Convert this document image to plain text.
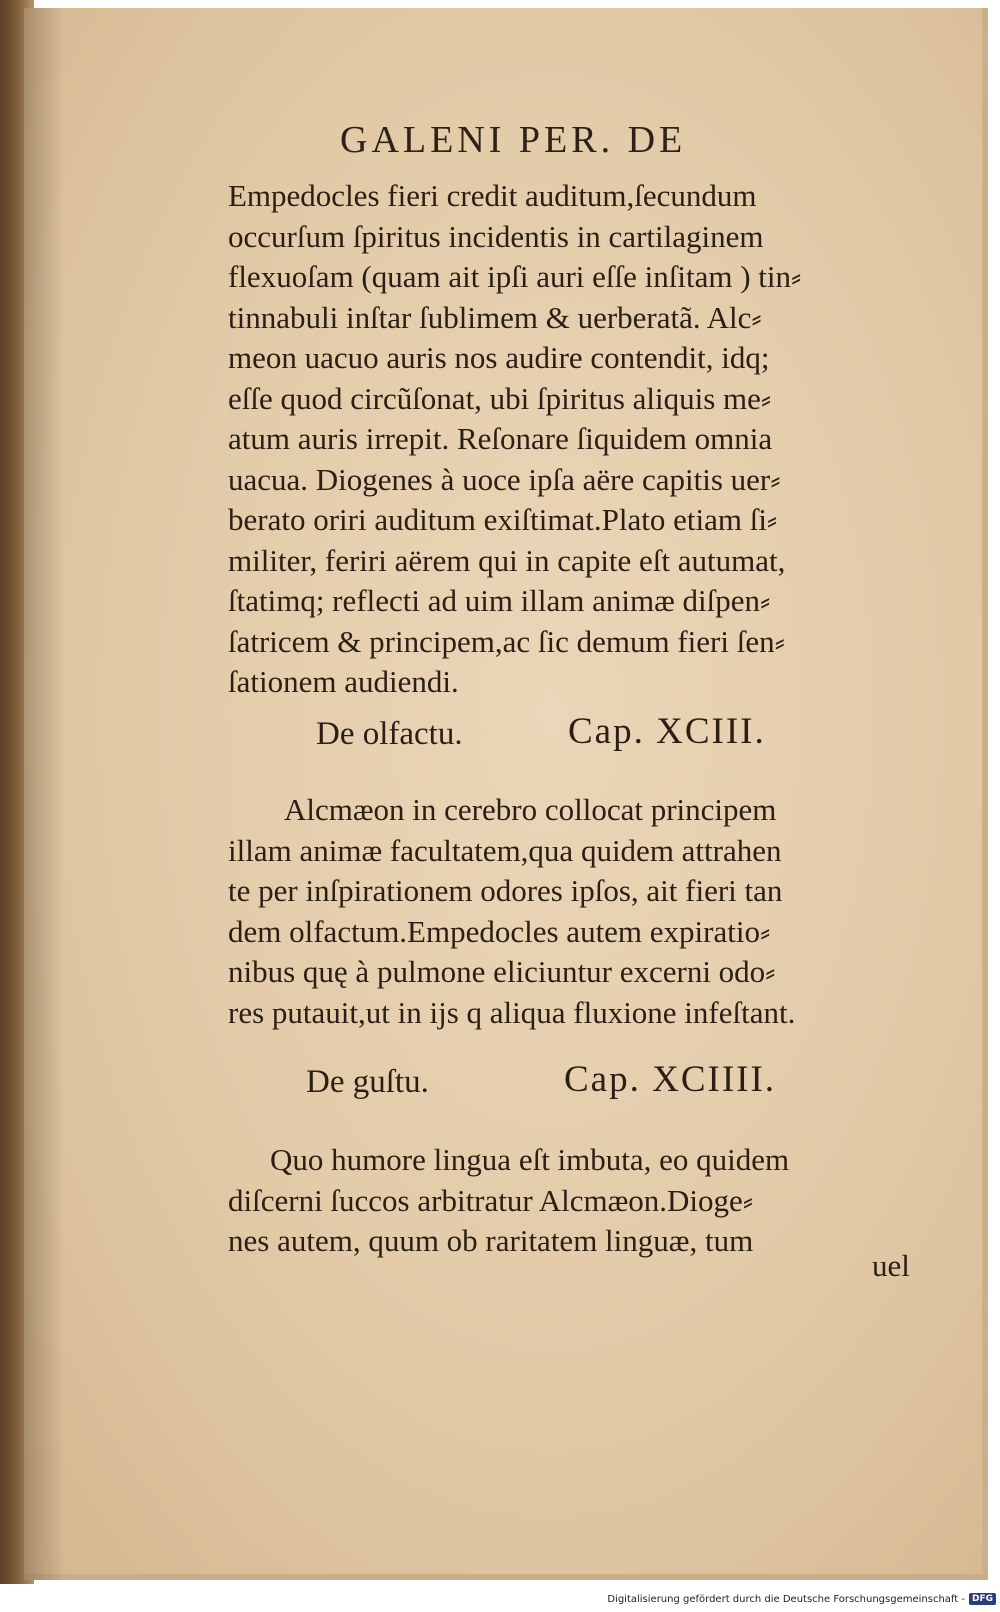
GALENI PER. DE
Empedocles fieri credit auditum,ſecundum
occurſum ſpiritus incidentis in cartilaginem
flexuoſam (quam ait ipſi auri eſſe inſitam ) tin⸗
tinnabuli inſtar ſublimem & uerberatã. Alc⸗
meon uacuo auris nos audire contendit, idq;
eſſe quod circũſonat, ubi ſpiritus aliquis me⸗
atum auris irrepit. Reſonare ſiquidem omnia
uacua. Diogenes à uoce ipſa aëre capitis uer⸗
berato oriri auditum exiſtimat.Plato etiam ſi⸗
militer, feriri aërem qui in capite eſt autumat,
ſtatimq; reflecti ad uim illam animæ diſpen⸗
ſatricem & principem,ac ſic demum fieri ſen⸗
ſationem audiendi.
De olfactu.	Cap. XCIII.
Alcmæon in cerebro collocat principem
illam animæ facultatem,qua quidem attrahen
te per inſpirationem odores ipſos, ait fieri tan
dem olfactum.Empedocles autem expiratio⸗
nibus quę à pulmone eliciuntur excerni odo⸗
res putauit,ut in ijs q aliqua fluxione infeſtant.
De guſtu.	Cap. XCIIII.
Quo humore lingua eſt imbuta, eo quidem
diſcerni ſuccos arbitratur Alcmæon.Dioge⸗
nes autem, quum ob raritatem linguæ, tum
uel
Digitalisierung gefördert durch die Deutsche Forschungsgemeinschaft - DFG
